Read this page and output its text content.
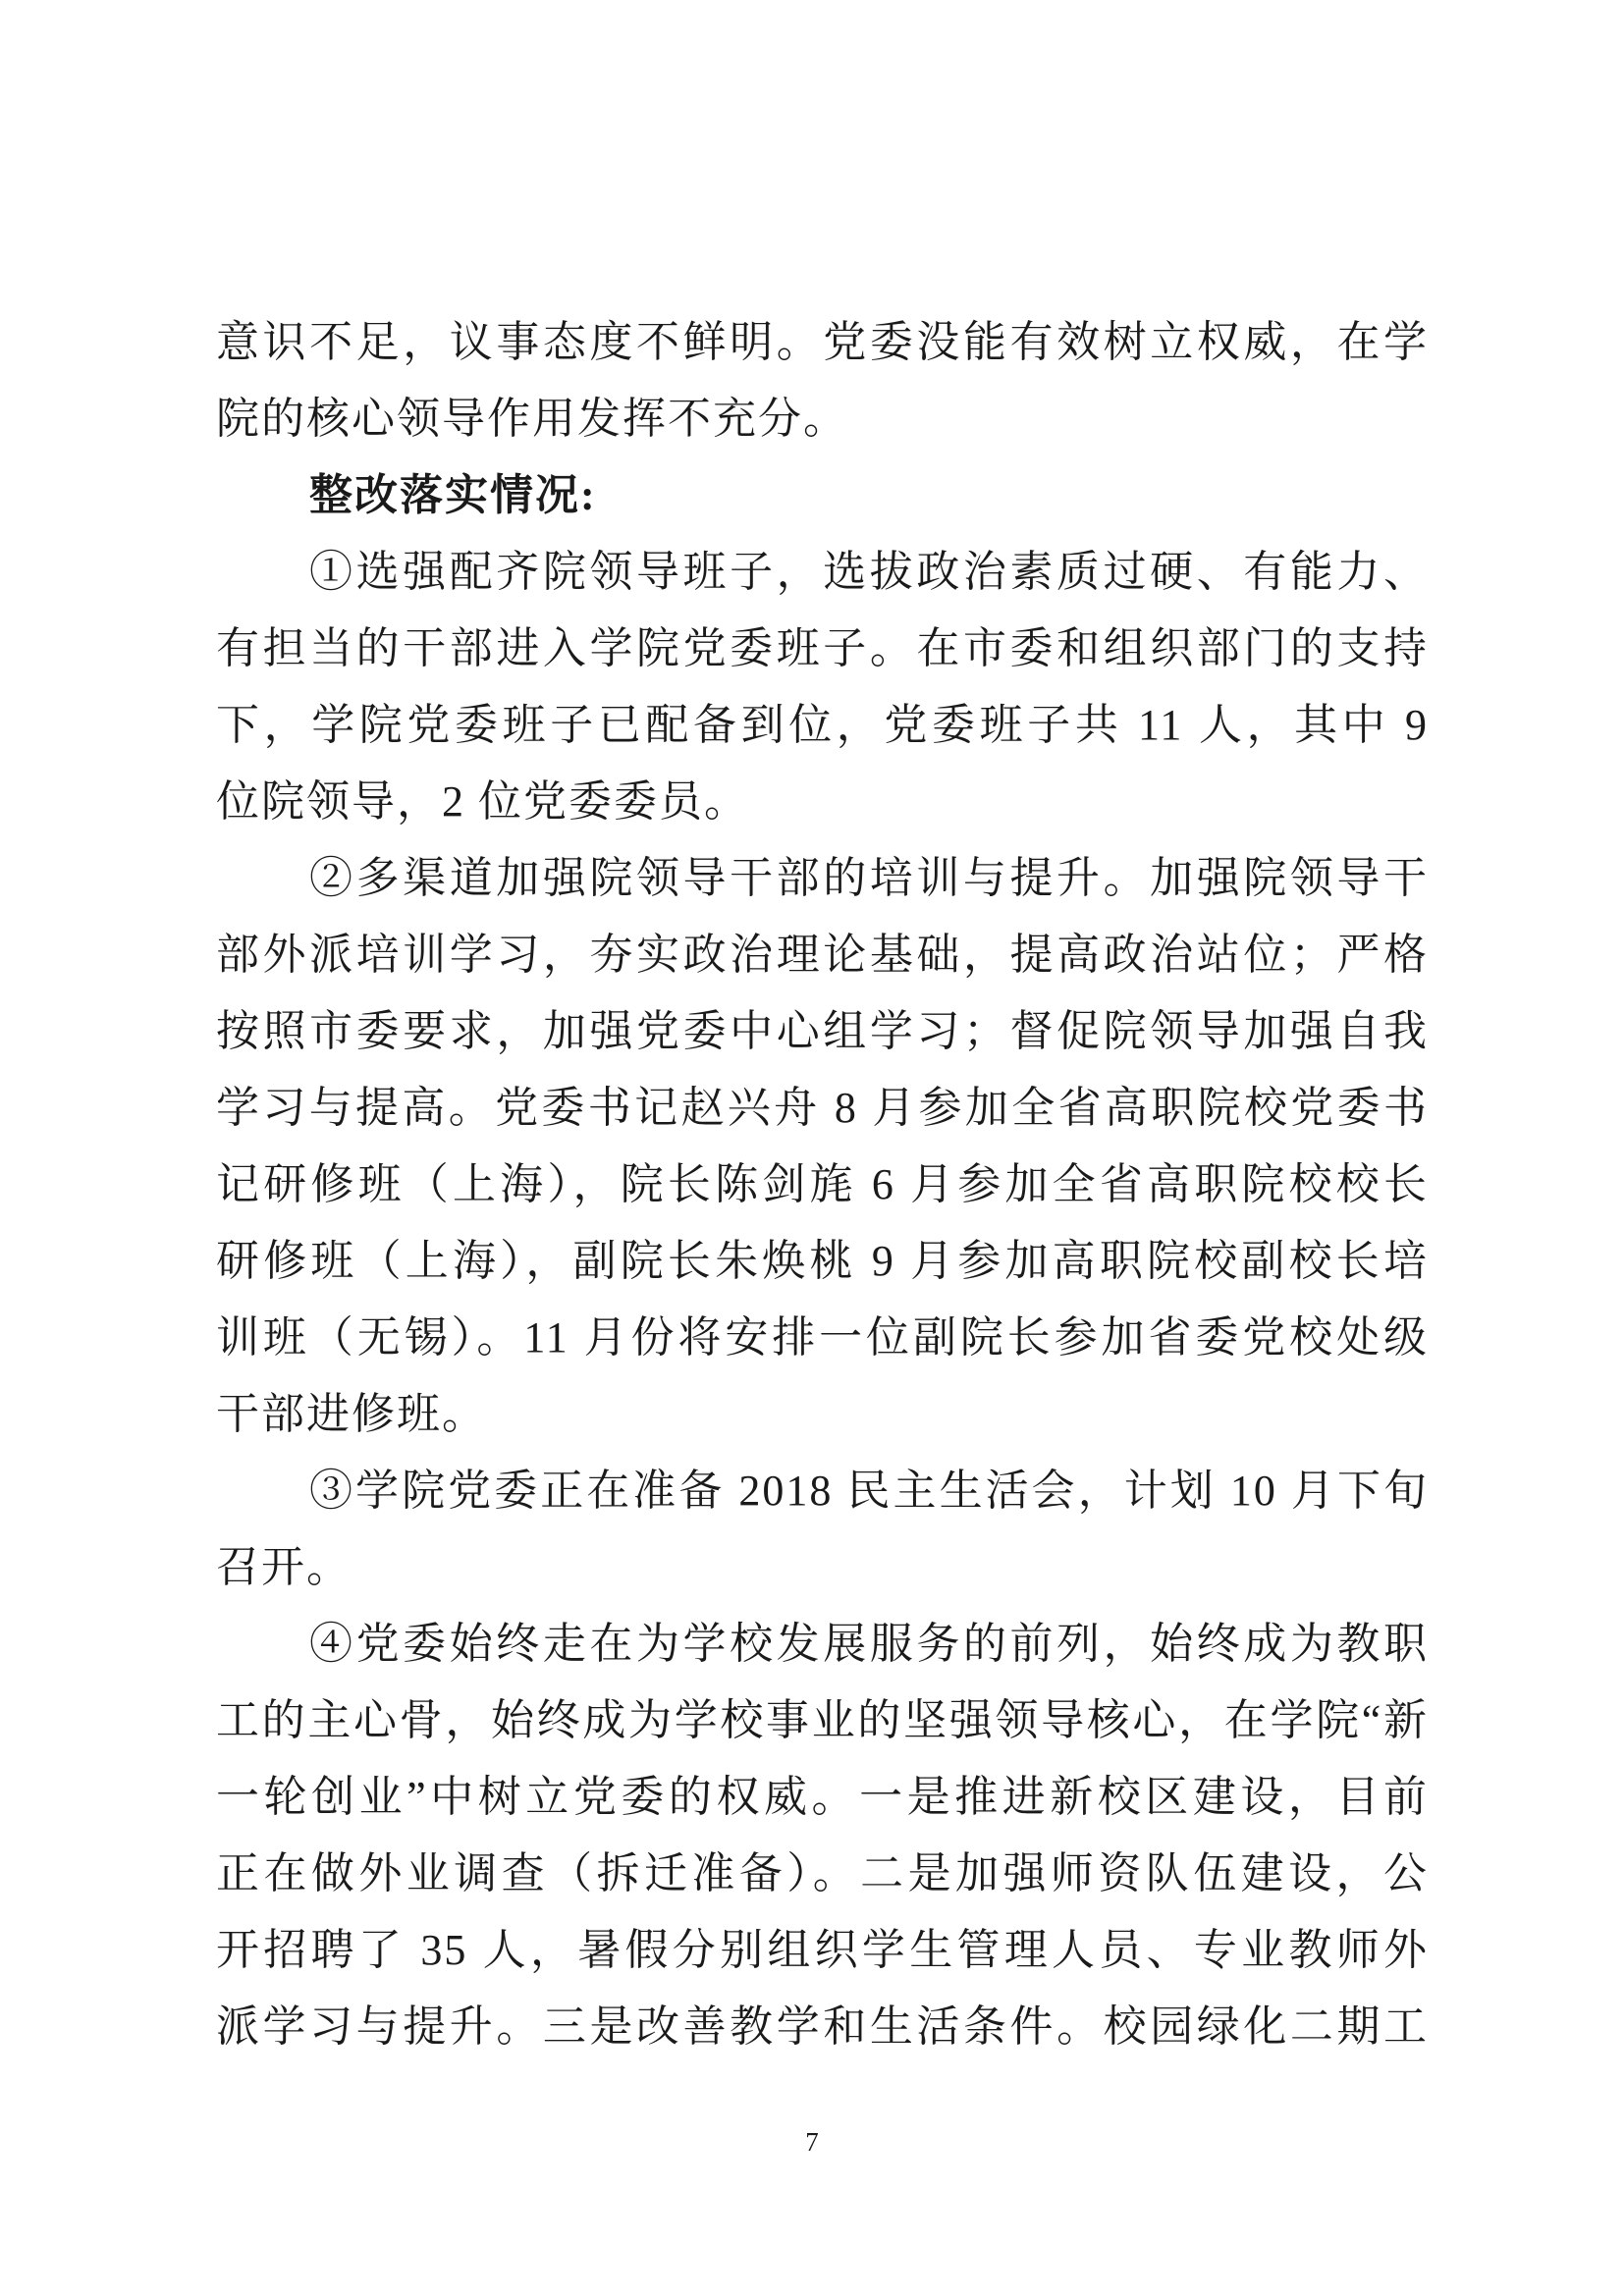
意识不足，议事态度不鲜明。党委没能有效树立权威，在学
院的核心领导作用发挥不充分。
整改落实情况:
①选强配齐院领导班子，选拔政治素质过硬、有能力、
有担当的干部进入学院党委班子。在市委和组织部门的支持
下，学院党委班子已配备到位，党委班子共 11 人，其中 9
位院领导，2 位党委委员。
②多渠道加强院领导干部的培训与提升。加强院领导干
部外派培训学习，夯实政治理论基础，提高政治站位；严格
按照市委要求，加强党委中心组学习；督促院领导加强自我
学习与提高。党委书记赵兴舟 8 月参加全省高职院校党委书
记研修班（上海），院长陈剑旄 6 月参加全省高职院校校长
研修班（上海），副院长朱焕桃 9 月参加高职院校副校长培
训班（无锡）。11 月份将安排一位副院长参加省委党校处级
干部进修班。
③学院党委正在准备 2018 民主生活会，计划 10 月下旬
召开。
④党委始终走在为学校发展服务的前列，始终成为教职
工的主心骨，始终成为学校事业的坚强领导核心，在学院“新
一轮创业”中树立党委的权威。一是推进新校区建设，目前
正在做外业调查（拆迁准备）。二是加强师资队伍建设，公
开招聘了 35 人，暑假分别组织学生管理人员、专业教师外
派学习与提升。三是改善教学和生活条件。校园绿化二期工
7
